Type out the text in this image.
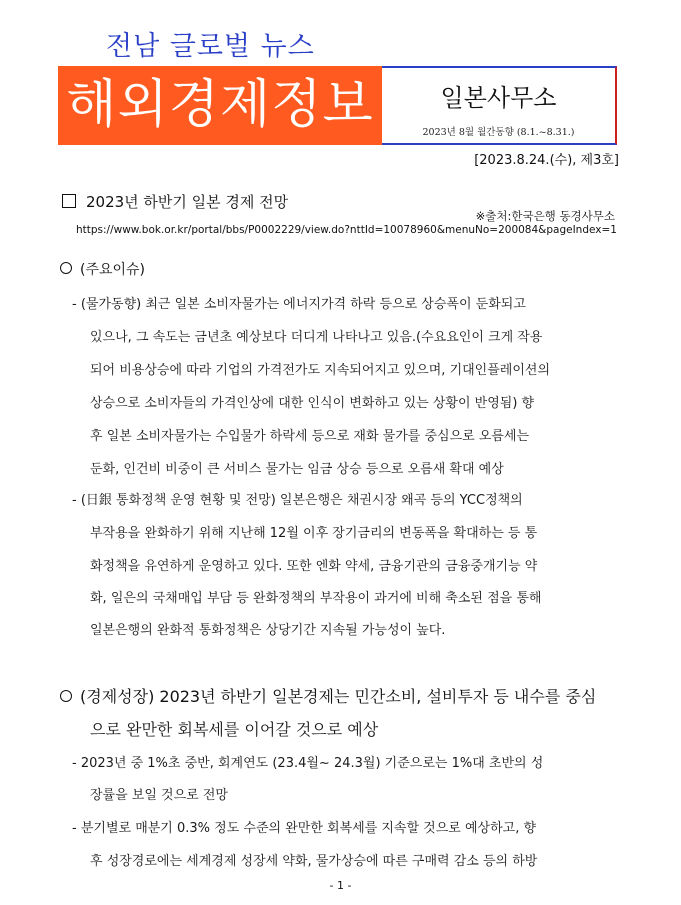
전남 글로벌 뉴스
해외경제정보	일본사무소
2023년 8월 월간동향 (8.1.~8.31.)
[2023.8.24.(수), 제3호]
2023년 하반기 일본 경제 전망
※출처:한국은행 동경사무소
https://www.bok.or.kr/portal/bbs/P0002229/view.do?nttId=10078960&menuNo=200084&pageIndex=1
(주요이슈)
- (물가동향) 최근 일본 소비자물가는 에너지가격 하락 등으로 상승폭이 둔화되고
있으나, 그 속도는 금년초 예상보다 더디게 나타나고 있음.(수요요인이 크게 작용
되어 비용상승에 따라 기업의 가격전가도 지속되어지고 있으며, 기대인플레이션의
상승으로 소비자들의 가격인상에 대한 인식이 변화하고 있는 상황이 반영됨) 향
후 일본 소비자물가는 수입물가 하락세 등으로 재화 물가를 중심으로 오름세는
둔화, 인건비 비중이 큰 서비스 물가는 임금 상승 등으로 오름새 확대 예상
- (日銀 통화정책 운영 현황 및 전망) 일본은행은 채권시장 왜곡 등의 YCC정책의
부작용을 완화하기 위해 지난해 12월 이후 장기금리의 변동폭을 확대하는 등 통
화정책을 유연하게 운영하고 있다. 또한 엔화 약세, 금융기관의 금융중개기능 약
화, 일은의 국채매입 부담 등 완화정책의 부작용이 과거에 비해 축소된 점을 통해
일본은행의 완화적 통화정책은 상당기간 지속될 가능성이 높다.
(경제성장) 2023년 하반기 일본경제는 민간소비, 설비투자 등 내수를 중심
으로 완만한 회복세를 이어갈 것으로 예상
- 2023년 중 1%초 중반, 회계연도 (23.4월~ 24.3월) 기준으로는 1%대 초반의 성
장률을 보일 것으로 전망
- 분기별로 매분기 0.3% 정도 수준의 완만한 회복세를 지속할 것으로 예상하고, 향
후 성장경로에는 세계경제 성장세 약화, 물가상승에 따른 구매력 감소 등의 하방
- 1 -
